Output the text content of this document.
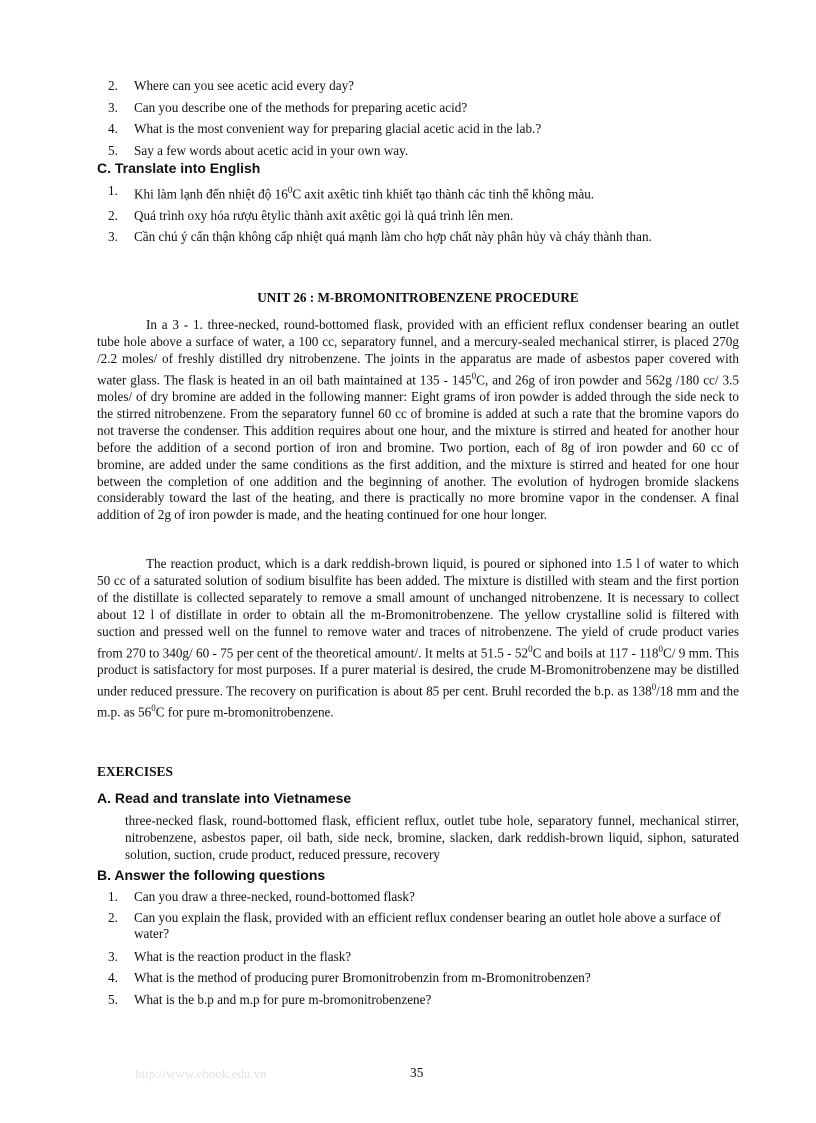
2.	Where can you see acetic acid every day?
3.	Can you describe one of the methods for preparing acetic acid?
4.	What is the most convenient way for preparing glacial acetic acid in the lab.?
5.	Say a few words about acetic acid in your own way.

C. Translate into English

1.	Khi làm lạnh đến nhiệt độ $16^0C$ axit axêtic tinh khiết tạo thành các tinh thể không màu.
2.	Quá trình oxy hóa rượu êtylic thành axit axêtic gọi là quá trình lên men.
3.	Cần chú ý cẩn thận không cấp nhiệt quá mạnh làm cho hợp chất này phân hủy và cháy thành than.

UNIT 26 : M-BROMONITROBENZENE PROCEDURE

In a 3 - 1. three-necked, round-bottomed flask, provided with an efficient reflux condenser bearing an outlet tube hole above a surface of water, a 100 cc, separatory funnel, and a mercury-sealed mechanical stirrer, is placed 270g /2.2 moles/ of freshly distilled dry nitrobenzene. The joints in the apparatus are made of asbestos paper covered with water glass. The flask is heated in an oil bath maintained at $135 - 145^0C$, and 26g of iron powder and 562g /180 cc/ 3.5 moles/ of dry bromine are added in the following manner: Eight grams of iron powder is added through the side neck to the stirred nitrobenzene. From the separatory funnel 60 cc of bromine is added at such a rate that the bromine vapors do not traverse the condenser. This addition requires about one hour, and the mixture is stirred and heated for another hour before the addition of a second portion of iron and bromine. Two portion, each of 8g of iron powder and 60 cc of bromine, are added under the same conditions as the first addition, and the mixture is stirred and heated for one hour between the completion of one addition and the beginning of another. The evolution of hydrogen bromide slackens considerably toward the last of the heating, and there is practically no more bromine vapor in the condenser. A final addition of 2g of iron powder is made, and the heating continued for one hour longer.

The reaction product, which is a dark reddish-brown liquid, is poured or siphoned into 1.5 l of water to which 50 cc of a saturated solution of sodium bisulfite has been added. The mixture is distilled with steam and the first portion of the distillate is collected separately to remove a small amount of unchanged nitrobenzene. It is necessary to collect about 12 l of distillate in order to obtain all the m-Bromonitrobenzene. The yellow crystalline solid is filtered with suction and pressed well on the funnel to remove water and traces of nitrobenzene. The yield of crude product varies from 270 to 340g/ 60 - 75 per cent of the theoretical amount/. It melts at $51.5 - 52^0C$ and boils at $117 - 118^0C/$ 9 mm. This product is satisfactory for most purposes. If a purer material is desired, the crude M-Bromonitrobenzene may be distilled under reduced pressure. The recovery on purification is about 85 per cent. Bruhl recorded the b.p. as $138^0/18$ mm and the m.p. as $56^0C$ for pure m-bromonitrobenzene.

EXERCISES

A. Read and translate into Vietnamese

three-necked flask, round-bottomed flask, efficient reflux, outlet tube hole, separatory funnel, mechanical stirrer, nitrobenzene, asbestos paper, oil bath, side neck, bromine, slacken, dark reddish-brown liquid, siphon, saturated solution, suction, crude product, reduced pressure, recovery

B. Answer the following questions

1.	Can you draw a three-necked, round-bottomed flask?
2.	Can you explain the flask, provided with an efficient reflux condenser bearing an outlet hole above a surface of water?
3.	What is the reaction product in the flask?
4.	What is the method of producing purer Bromonitrobenzin from m-Bromonitrobenzen?
5.	What is the b.p and m.p for pure m-bromonitrobenzene?

http://www.ebook.edu.vn	35
